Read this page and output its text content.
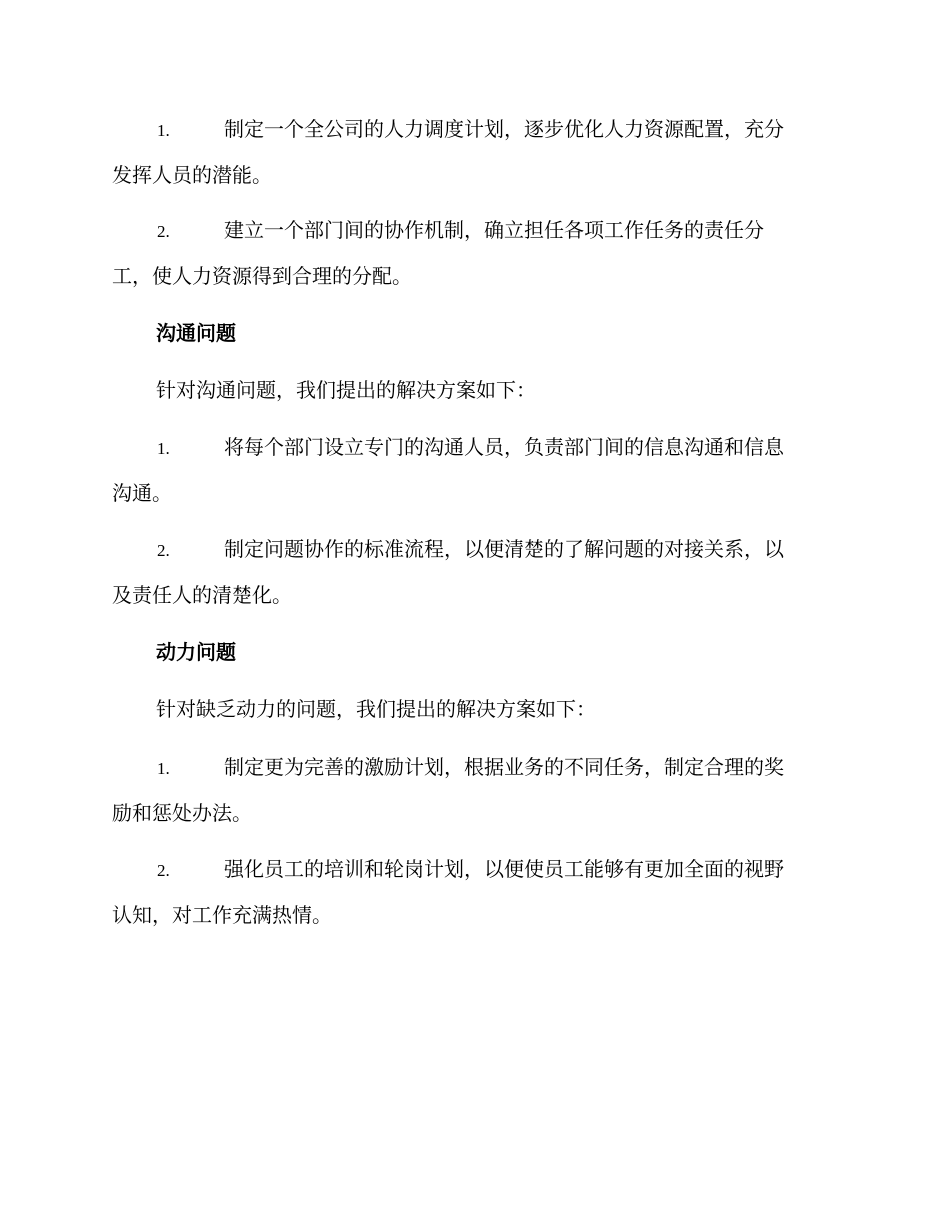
1.	制定一个全公司的人力调度计划，逐步优化人力资源配置，充分
发挥人员的潜能。
2.	建立一个部门间的协作机制，确立担任各项工作任务的责任分
工，使人力资源得到合理的分配。
沟通问题
针对沟通问题，我们提出的解决方案如下：
1.	将每个部门设立专门的沟通人员，负责部门间的信息沟通和信息
沟通。
2.	制定问题协作的标准流程，以便清楚的了解问题的对接关系，以
及责任人的清楚化。
动力问题
针对缺乏动力的问题，我们提出的解决方案如下：
1.	制定更为完善的激励计划，根据业务的不同任务，制定合理的奖
励和惩处办法。
2.	强化员工的培训和轮岗计划，以便使员工能够有更加全面的视野
认知，对工作充满热情。
